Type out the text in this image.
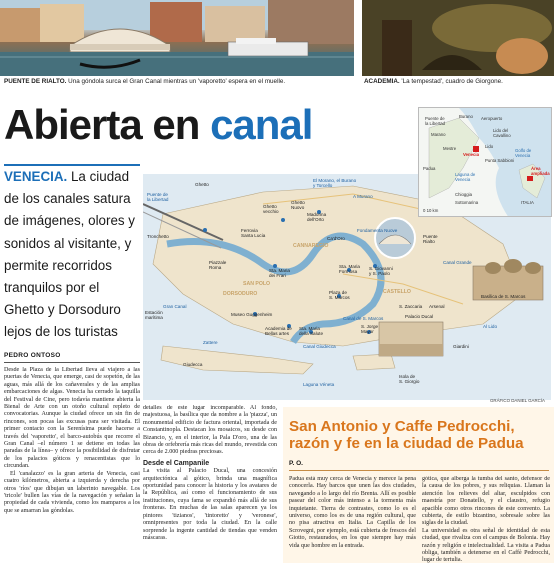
PUENTE DE RIALTO. Una góndola surca el Gran Canal mientras un 'vaporetto' espera en el muelle.	ACADEMIA. 'La tempestad', cuadro de Giorgone.
Abierta en canal
VENECIA. La ciudad de los canales satura de imágenes, olores y sonidos al visitante, y permite recorridos tranquilos por el Ghetto y Dorsoduro lejos de los turistas
PEDRO ONTOSO

Desde la Plaza de la Libertad lleva al viajero a las puertas de Venecia, que emerge, casi de sopetón, de las aguas, más allá de los cañaverales y de las amplias embarcaciones de algas. Venecia ha cerrado la taquilla del Festival de Cine, pero todavía mantiene abierta la Bienal de Arte con un otoño cultural repleto de convocatorias. Aunque la ciudad ofrece un sin fin de rincones, son pocas las excusas para ser visitada. El primer contacto con la Serenísima puede hacerse a través del 'vaporetto', el barco-autobús que recorre el Gran Canal –el número 1 se detiene en todas las paradas de la línea– y ofrece la posibilidad de disfrutar de los palacios góticos y renacentistas que lo circundan.

El 'canalazzo' es la gran arteria de Venecia, casi cuatro kilómetros, abierta a izquierda y derecha por otros 'ríos' que dibujan un laberinto navegable. Los 'tricole' bullen las vías de la navegación y señalan la propiedad de cada vivienda, como los mamparos a los que se amarran las góndolas.

detalles de este lugar incomparable. Al fondo, majestuosa, la basílica que da nombre a la 'piazza', un monumental edificio de factura oriental, importada de Constantinopla. Destacan los mosaicos, su desde con Bizancio, y, en el interior, la Pala D'oro, una de las obras de orfebrería más ricas del mundo, revestida con cerca de 2.000 piedras preciosas.

Desde el Campanile

La visita al Palacio Ducal, una concesión arquitectónica al gótico, brinda una magnífica oportunidad para conocer la historia y los avatares de la República, así como el funcionamiento de sus instituciones, cuya fama se expandió más allá de sus fronteras. En muchas de las salas aparecen ya los pintores 'tizianos', 'tintoretto' y 'veronese', omnipresentes por toda la ciudad. En la calle sorprende la ingente cantidad de tiendas que venden máscaras.

Puente de
la Libertad
Tronchetto
Piazzale
Roma
Ferrovia
Santa Lucia
El Morano, el Burano
y Torcello
A Murano
Ghetto
vecchio
Ghetto
Nuovo
Madonna
dell'Orto
CANNAREGIO
Puente
Rialto
Sta. Maria
dei Frari
Sta. Maria
Formosa
S. Giovanni
y S. Paolo
SAN POLO
Plaza de
S. Marcos
DORSODURO	CASTELLO
Arsenal
Museo Guggenheim
Academia de
Bellas artes
Sta. Maria
della Salute
S. Jorge
Mayor
Palacio Ducal
Basílica de S. Marcos
Canal de S. Marcos
Canal Giudecca
Gran Canal
Estación
marítima
Isola de
S. Giorgio
Giardini
Al Lido
Fondamenta Nuove
Canal Grande
Ca'd'Oro
S. Zaccaria
Zattere
Giudecca
Laguna Véneta
Ghetto
Marano
Burano Aeropuerto
Lido del
Cavallino
Venecia
Mestre	Lido
Punta Sabbioni
Padua
Laguna de
Venecia
Chioggia
Sottomarina
Golfo de
Venecia
ITALIA
Área
ampliada
0 10 km
Puente de
la Libertad
GRÁFICO DANIEL GARCÍA
San Antonio y Caffe Pedrocchi, razón y fe en la ciudad de Padua
P. O.

Padua está muy cerca de Venecia y merece la pena conocerla. Hay barcos que unen las dos ciudades, navegando a lo largo del río Brenta. Allí es posible pasear del color más intenso a la tormenta más inquietante. Tierra de contrastes, como lo es el universo, como los es de una región cultural, que no pisa atractiva en Italia. La Capilla de los Scrovegni, por ejemplo, está cubierta de frescos del Giotto, restaurados, en los que siempre hay más vida que hombre en la entrada.

gótica, que alberga la tumba del santo, defensor de la causa de los pobres, y sus reliquias. Llaman la atención los relieves del altar, esculpidos con maestría por Donatello, y el claustro, refugio apacible como otros rincones de este convento. La cubierta, de estilo bizantino, sobresale sobre las siglas de la ciudad.
La universidad es otra señal de identidad de esta ciudad, que rivaliza con el campus de Bolonia. Hay razón y religión e intelectualidad. La visita a Padua obliga, también a detenerse en el Caffè Pedrocchi, lugar de tertulia.
